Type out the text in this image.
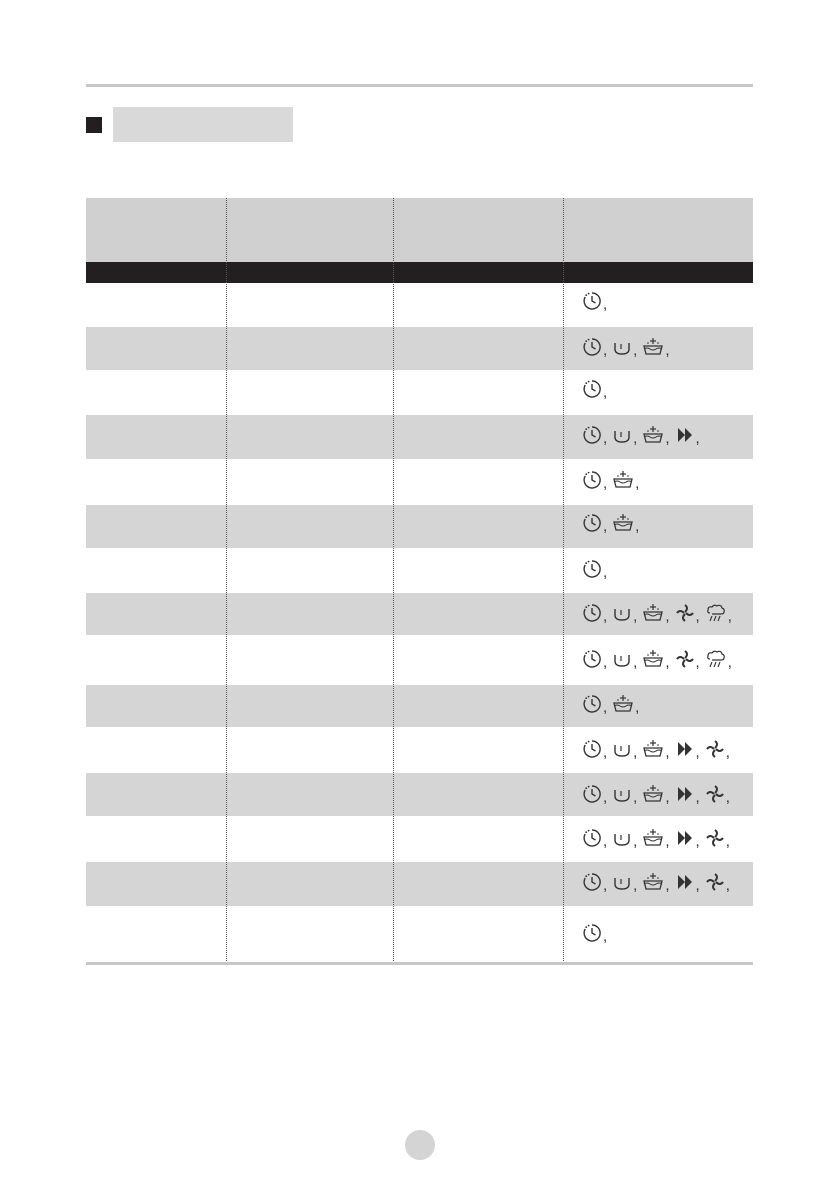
,
, , ,
,
, , , ,
, ,
, ,
,
, , , , ,
, , , , ,
, ,
, , , , ,
, , , , ,
, , , , ,
, , , , ,
,
